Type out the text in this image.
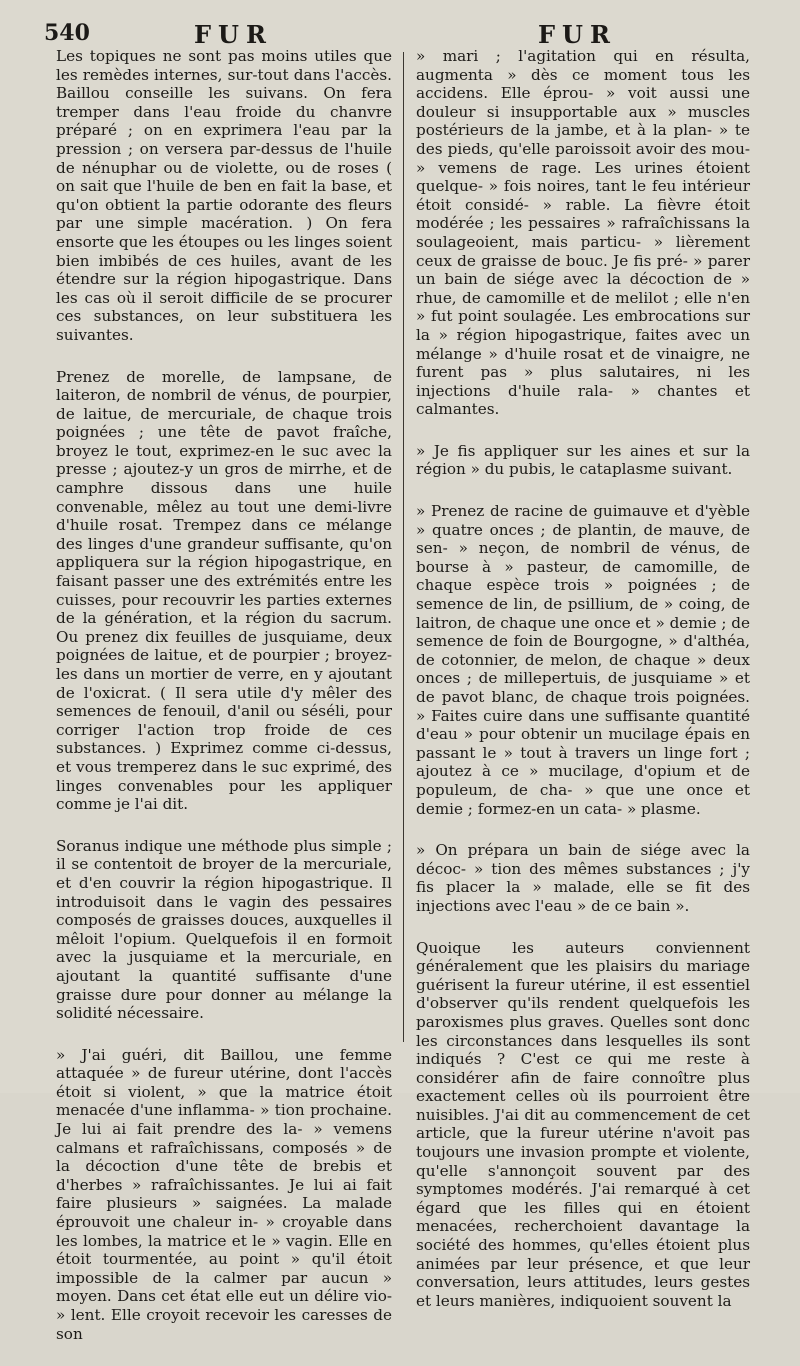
540	FUR	FUR

Les topiques ne sont pas moins utiles que les remèdes internes, sur-tout dans l'accès. Baillou conseille les suivans. On fera tremper dans l'eau froide du chanvre préparé ; on en exprimera l'eau par la pression ; on versera par-dessus de l'huile de nénuphar ou de violette, ou de roses ( on sait que l'huile de ben en fait la base, et qu'on obtient la partie odorante des fleurs par une simple macération. ) On fera ensorte que les étoupes ou les linges soient bien imbibés de ces huiles, avant de les étendre sur la région hipogastrique. Dans les cas où il seroit difficile de se procurer ces substances, on leur substituera les suivantes.

Prenez de morelle, de lampsane, de laiteron, de nombril de vénus, de pourpier, de laitue, de mercuriale, de chaque trois poignées ; une tête de pavot fraîche, broyez le tout, exprimez-en le suc avec la presse ; ajoutez-y un gros de mirrhe, et de camphre dissous dans une huile convenable, mêlez au tout une demi-livre d'huile rosat. Trempez dans ce mélange des linges d'une grandeur suffisante, qu'on appliquera sur la région hipogastrique, en faisant passer une des extrémités entre les cuisses, pour recouvrir les parties externes de la génération, et la région du sacrum. Ou prenez dix feuilles de jusquiame, deux poignées de laitue, et de pourpier ; broyez-les dans un mortier de verre, en y ajoutant de l'oxicrat. ( Il sera utile d'y mêler des semences de fenouil, d'anil ou séséli, pour corriger l'action trop froide de ces substances. ) Exprimez comme ci-dessus, et vous tremperez dans le suc exprimé, des linges convenables pour les appliquer comme je l'ai dit.

Soranus indique une méthode plus simple ; il se contentoit de broyer de la mercuriale, et d'en couvrir la région hipogastrique. Il introduisoit dans le vagin des pessaires composés de graisses douces, auxquelles il mêloit l'opium. Quelquefois il en formoit avec la jusquiame et la mercuriale, en ajoutant la quantité suffisante d'une graisse dure pour donner au mélange la solidité nécessaire.

» J'ai guéri, dit Baillou, une femme attaquée » de fureur utérine, dont l'accès étoit si violent, » que la matrice étoit menacée d'une inflamma- » tion prochaine. Je lui ai fait prendre des la- » vemens calmans et rafraîchissans, composés » de la décoction d'une tête de brebis et d'herbes » rafraîchissantes. Je lui ai fait faire plusieurs » saignées. La malade éprouvoit une chaleur in- » croyable dans les lombes, la matrice et le » vagin. Elle en étoit tourmentée, au point » qu'il étoit impossible de la calmer par aucun » moyen. Dans cet état elle eut un délire vio- » lent. Elle croyoit recevoir les caresses de son

» mari ; l'agitation qui en résulta, augmenta » dès ce moment tous les accidens. Elle éprou- » voit aussi une douleur si insupportable aux » muscles postérieurs de la jambe, et à la plan- » te des pieds, qu'elle paroissoit avoir des mou- » vemens de rage. Les urines étoient quelque- » fois noires, tant le feu intérieur étoit considé- » rable. La fièvre étoit modérée ; les pessaires » rafraîchissans la soulageoient, mais particu- » lièrement ceux de graisse de bouc. Je fis pré- » parer un bain de siége avec la décoction de » rhue, de camomille et de melilot ; elle n'en » fut point soulagée. Les embrocations sur la » région hipogastrique, faites avec un mélange » d'huile rosat et de vinaigre, ne furent pas » plus salutaires, ni les injections d'huile rala- » chantes et calmantes.

» Je fis appliquer sur les aines et sur la région » du pubis, le cataplasme suivant.

» Prenez de racine de guimauve et d'yèble » quatre onces ; de plantin, de mauve, de sen- » neçon, de nombril de vénus, de bourse à » pasteur, de camomille, de chaque espèce trois » poignées ; de semence de lin, de psillium, de » coing, de laitron, de chaque une once et » demie ; de semence de foin de Bourgogne, » d'althéa, de cotonnier, de melon, de chaque » deux onces ; de millepertuis, de jusquiame » et de pavot blanc, de chaque trois poignées. » Faites cuire dans une suffisante quantité d'eau » pour obtenir un mucilage épais en passant le » tout à travers un linge fort ; ajoutez à ce » mucilage, d'opium et de populeum, de cha- » que une once et demie ; formez-en un cata- » plasme.

» On prépara un bain de siége avec la décoc- » tion des mêmes substances ; j'y fis placer la » malade, elle se fit des injections avec l'eau » de ce bain ».

Quoique les auteurs conviennent généralement que les plaisirs du mariage guérisent la fureur utérine, il est essentiel d'observer qu'ils rendent quelquefois les paroxismes plus graves. Quelles sont donc les circonstances dans lesquelles ils sont indiqués ? C'est ce qui me reste à considérer afin de faire connoître plus exactement celles où ils pourroient être nuisibles. J'ai dit au commencement de cet article, que la fureur utérine n'avoit pas toujours une invasion prompte et violente, qu'elle s'annonçoit souvent par des symptomes modérés. J'ai remarqué à cet égard que les filles qui en étoient menacées, recherchoient davantage la société des hommes, qu'elles étoient plus animées par leur présence, et que leur conversation, leurs attitudes, leurs gestes et leurs manières, indiquoient souvent la
